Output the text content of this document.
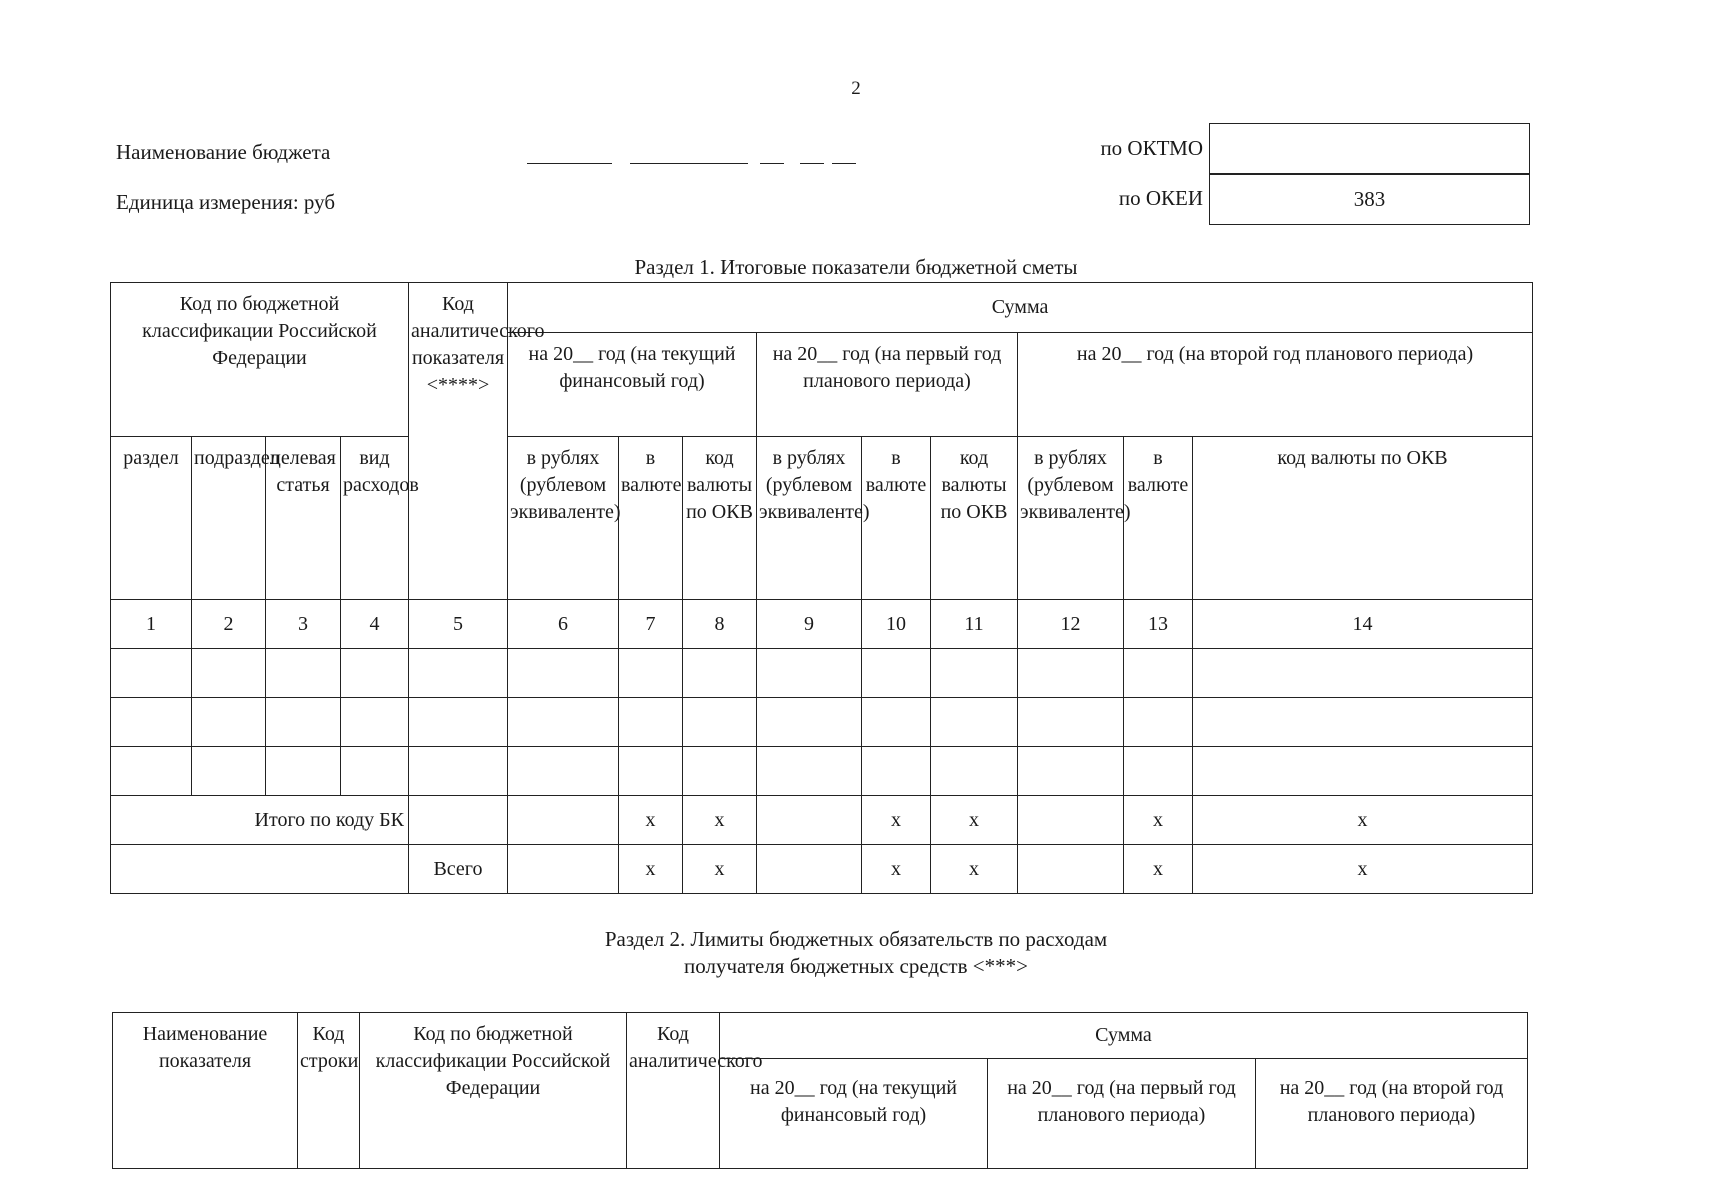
2
Наименование бюджета
Единица измерения: руб
по ОКТМО
по ОКЕИ	383
Раздел 1. Итоговые показатели бюджетной сметы
Код по бюджетной классификации Российской Федерации				Код аналитического показателя <****>	Сумма								
					на 20__ год (на текущий финансовый год)			на 20__ год (на первый год планового периода)			на 20__ год (на второй год планового периода)		
раздел	подраздел	целевая статья	вид расходов		в рублях (рублевом эквиваленте)	в валюте	код валюты по ОКВ	в рублях (рублевом эквиваленте)	в валюте	код валюты по ОКВ	в рублях (рублевом эквиваленте)	в валюте	код валюты по ОКВ
1	2	3	4	5	6	7	8	9	10	11	12	13	14

Итого по коду БК						x	x		x	x		x	x
				Всего		x	x		x	x		x	x
Раздел 2. Лимиты бюджетных обязательств по расходам
получателя бюджетных средств <***>
Наименование показателя	Код строки	Код по бюджетной классификации Российской Федерации	Код аналитического	Сумма		
				на 20__ год (на текущий финансовый год)	на 20__ год (на первый год планового периода)	на 20__ год (на второй год планового периода)
